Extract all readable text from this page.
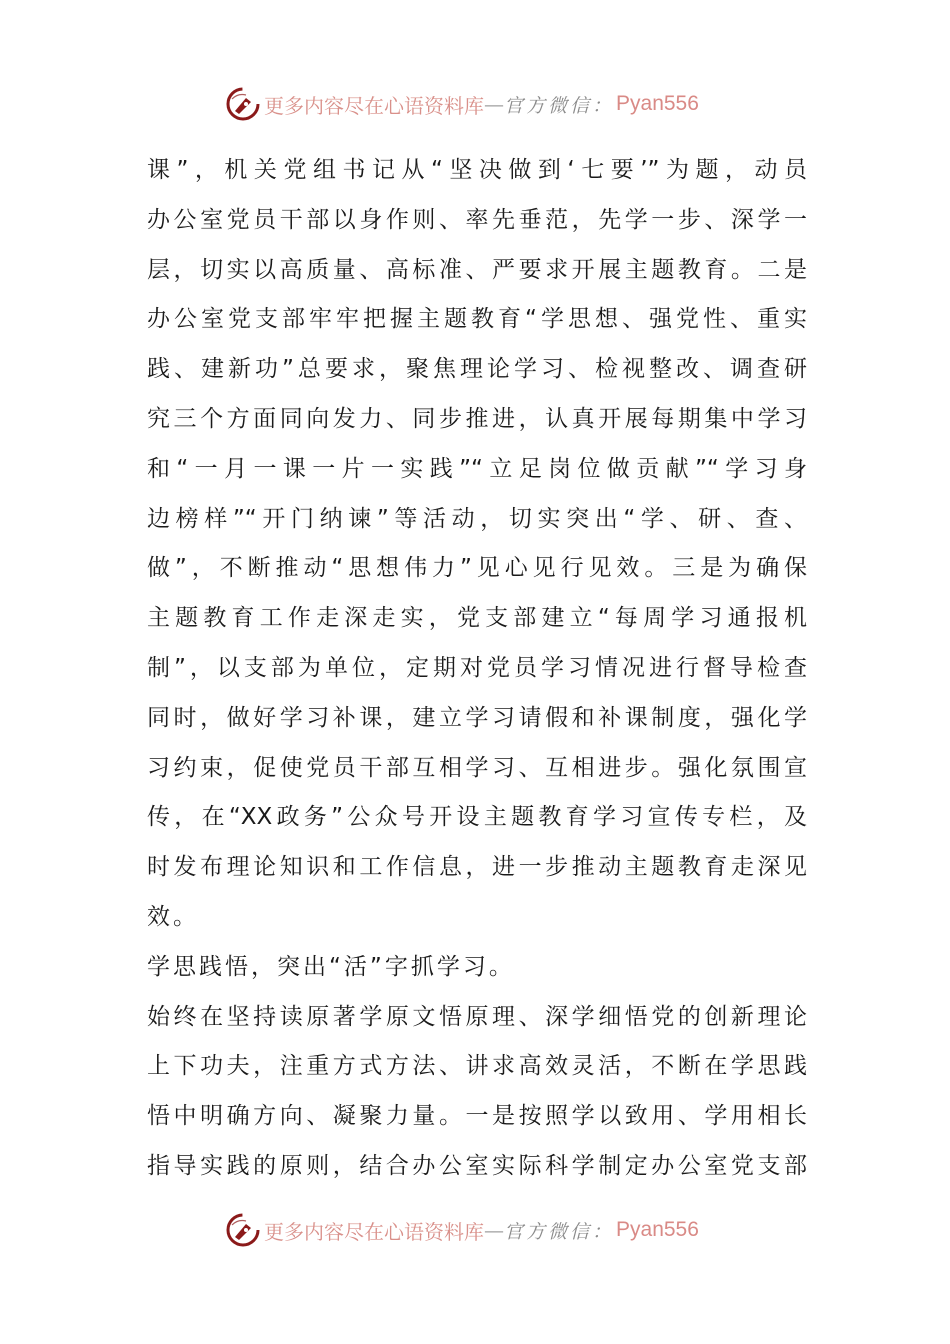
更多内容尽在心语资料库 — 官方微信： Pyan556
课”，机关党组书记从“坚决做到‘七要’”为题，动员
办公室党员干部以身作则、率先垂范，先学一步、深学一
层，切实以高质量、高标准、严要求开展主题教育。二是
办公室党支部牢牢把握主题教育“学思想、强党性、重实
践、建新功”总要求，聚焦理论学习、检视整改、调查研
究三个方面同向发力、同步推进，认真开展每期集中学习
和“一月一课一片一实践”“立足岗位做贡献”“学习身
边榜样”“开门纳谏”等活动，切实突出“学、研、查、
做”，不断推动“思想伟力”见心见行见效。三是为确保
主题教育工作走深走实，党支部建立“每周学习通报机
制”，以支部为单位，定期对党员学习情况进行督导检查
同时，做好学习补课，建立学习请假和补课制度，强化学
习约束，促使党员干部互相学习、互相进步。强化氛围宣
传，在“XX政务”公众号开设主题教育学习宣传专栏，及
时发布理论知识和工作信息，进一步推动主题教育走深见
效。
学思践悟，突出“活”字抓学习。
始终在坚持读原著学原文悟原理、深学细悟党的创新理论
上下功夫，注重方式方法、讲求高效灵活，不断在学思践
悟中明确方向、凝聚力量。一是按照学以致用、学用相长
指导实践的原则，结合办公室实际科学制定办公室党支部
更多内容尽在心语资料库 — 官方微信： Pyan556
